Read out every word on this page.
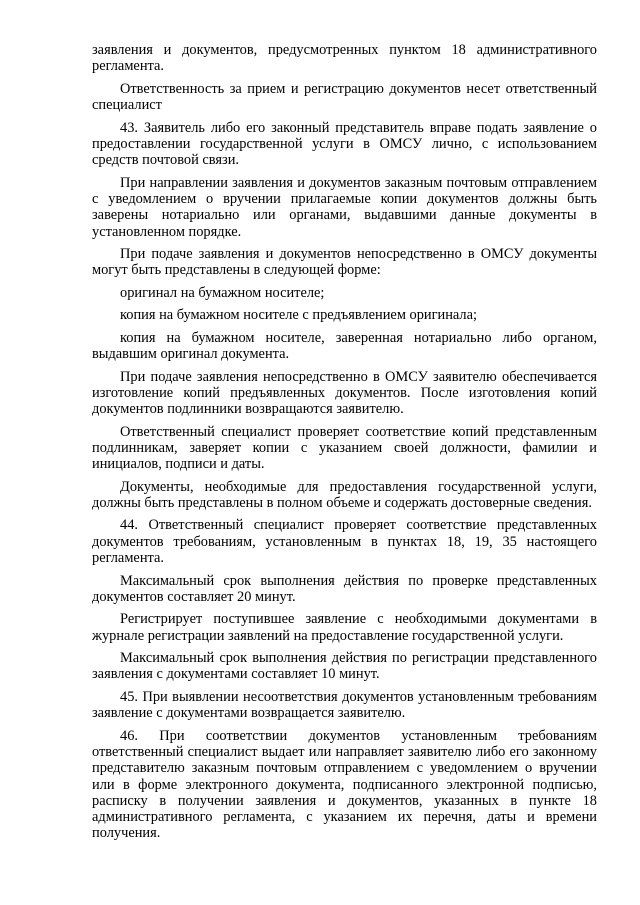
заявления и документов, предусмотренных пунктом 18 административного регламента.

Ответственность за прием и регистрацию документов несет ответственный специалист

43. Заявитель либо его законный представитель вправе подать заявление о предоставлении государственной услуги в ОМСУ лично, с использованием средств почтовой связи.

При направлении заявления и документов заказным почтовым отправлением с уведомлением о вручении прилагаемые копии документов должны быть заверены нотариально или органами, выдавшими данные документы в установленном порядке.

При подаче заявления и документов непосредственно в ОМСУ документы могут быть представлены в следующей форме:

оригинал на бумажном носителе;

копия на бумажном носителе с предъявлением оригинала;

копия на бумажном носителе, заверенная нотариально либо органом, выдавшим оригинал документа.

При подаче заявления непосредственно в ОМСУ заявителю обеспечивается изготовление копий предъявленных документов. После изготовления копий документов подлинники возвращаются заявителю.

Ответственный специалист проверяет соответствие копий представленным подлинникам, заверяет копии с указанием своей должности, фамилии и инициалов, подписи и даты.

Документы, необходимые для предоставления государственной услуги, должны быть представлены в полном объеме и содержать достоверные сведения.

44. Ответственный специалист проверяет соответствие представленных документов требованиям, установленным в пунктах 18, 19, 35 настоящего регламента.

Максимальный срок выполнения действия по проверке представленных документов составляет 20 минут.

Регистрирует поступившее заявление с необходимыми документами в журнале регистрации заявлений на предоставление государственной услуги.

Максимальный срок выполнения действия по регистрации представленного заявления с документами составляет 10 минут.

45. При выявлении несоответствия документов установленным требованиям заявление с документами возвращается заявителю.

46. При соответствии документов установленным требованиям ответственный специалист выдает или направляет заявителю либо его законному представителю заказным почтовым отправлением с уведомлением о вручении или в форме электронного документа, подписанного электронной подписью, расписку в получении заявления и документов, указанных в пункте 18 административного регламента, с указанием их перечня, даты и времени получения.
